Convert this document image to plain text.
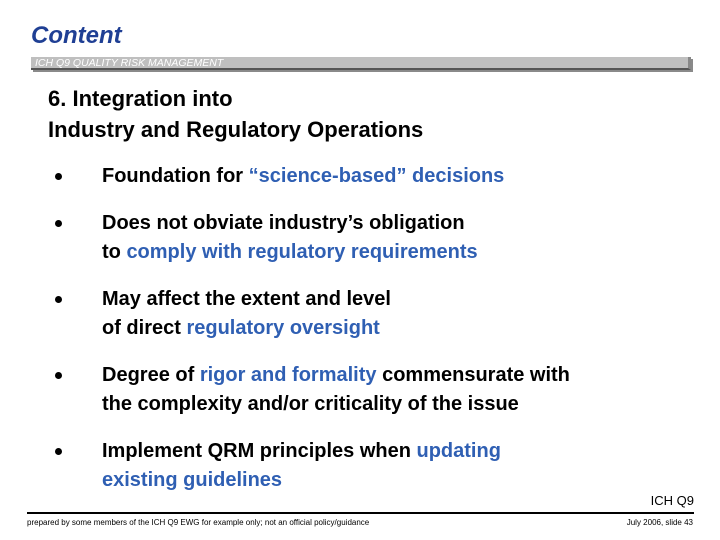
Content
ICH Q9 QUALITY RISK MANAGEMENT
6. Integration into
Industry and Regulatory Operations
Foundation for “science-based” decisions
Does not obviate industry’s obligation
to comply with regulatory requirements
May affect the extent and level
of direct regulatory oversight
Degree of rigor and formality commensurate with
the complexity and/or criticality of the issue
Implement QRM principles when updating
existing guidelines
ICH Q9
prepared by some members of the ICH Q9 EWG for example only; not an official policy/guidance	July 2006, slide 43
